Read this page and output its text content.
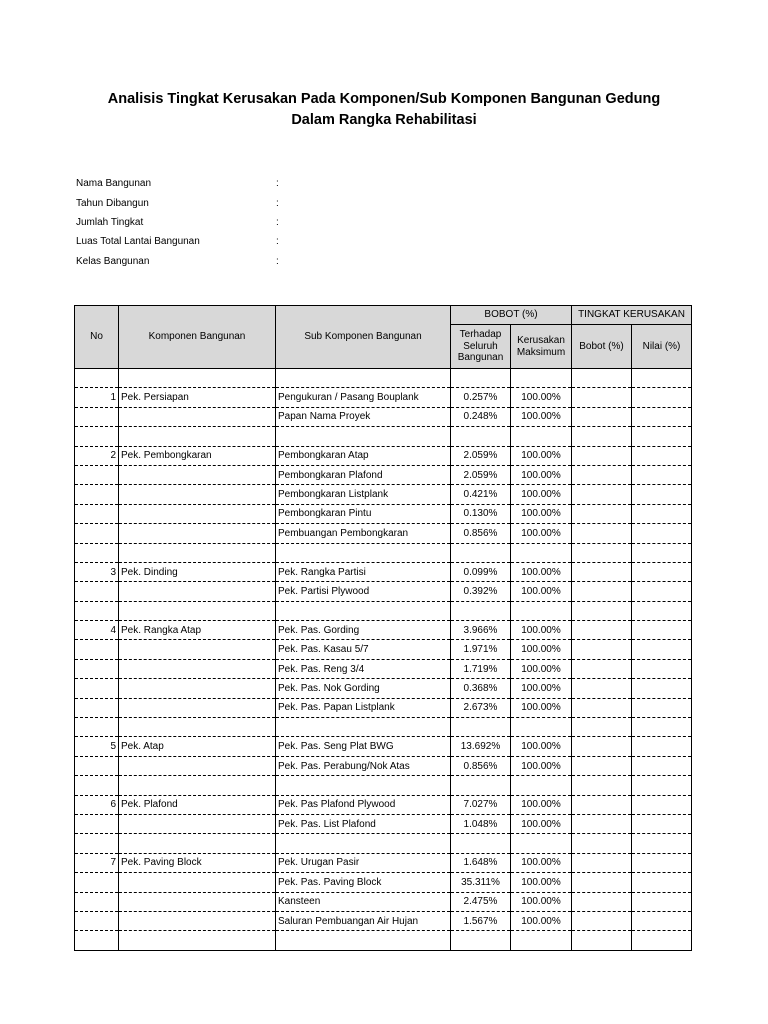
Analisis Tingkat Kerusakan Pada Komponen/Sub Komponen Bangunan Gedung
Dalam Rangka Rehabilitasi
Nama Bangunan	:
Tahun Dibangun	:
Jumlah Tingkat	:
Luas Total Lantai Bangunan	:
Kelas Bangunan	:
No	Komponen Bangunan	Sub Komponen Bangunan	BOBOT (%)		TINGKAT KERUSAKAN	
			Terhadap Seluruh Bangunan	Kerusakan Maksimum	Bobot (%)	Nilai (%)

1	Pek. Persiapan	Pengukuran / Pasang Bouplank	0.257%	100.00%		
		Papan Nama Proyek	0.248%	100.00%		

2	Pek. Pembongkaran	Pembongkaran Atap	2.059%	100.00%		
		Pembongkaran Plafond	2.059%	100.00%		
		Pembongkaran Listplank	0.421%	100.00%		
		Pembongkaran Pintu	0.130%	100.00%		
		Pembuangan Pembongkaran	0.856%	100.00%		

3	Pek. Dinding	Pek. Rangka Partisi	0.099%	100.00%		
		Pek. Partisi Plywood	0.392%	100.00%		

4	Pek. Rangka Atap	Pek. Pas. Gording	3.966%	100.00%		
		Pek. Pas. Kasau 5/7	1.971%	100.00%		
		Pek. Pas. Reng 3/4	1.719%	100.00%		
		Pek. Pas. Nok Gording	0.368%	100.00%		
		Pek. Pas. Papan Listplank	2.673%	100.00%		

5	Pek. Atap	Pek. Pas. Seng Plat BWG	13.692%	100.00%		
		Pek. Pas. Perabung/Nok Atas	0.856%	100.00%		

6	Pek. Plafond	Pek. Pas Plafond Plywood	7.027%	100.00%		
		Pek. Pas. List Plafond	1.048%	100.00%		

7	Pek. Paving Block	Pek. Urugan Pasir	1.648%	100.00%		
		Pek. Pas. Paving Block	35.311%	100.00%		
		Kansteen	2.475%	100.00%		
		Saluran Pembuangan Air Hujan	1.567%	100.00%		
